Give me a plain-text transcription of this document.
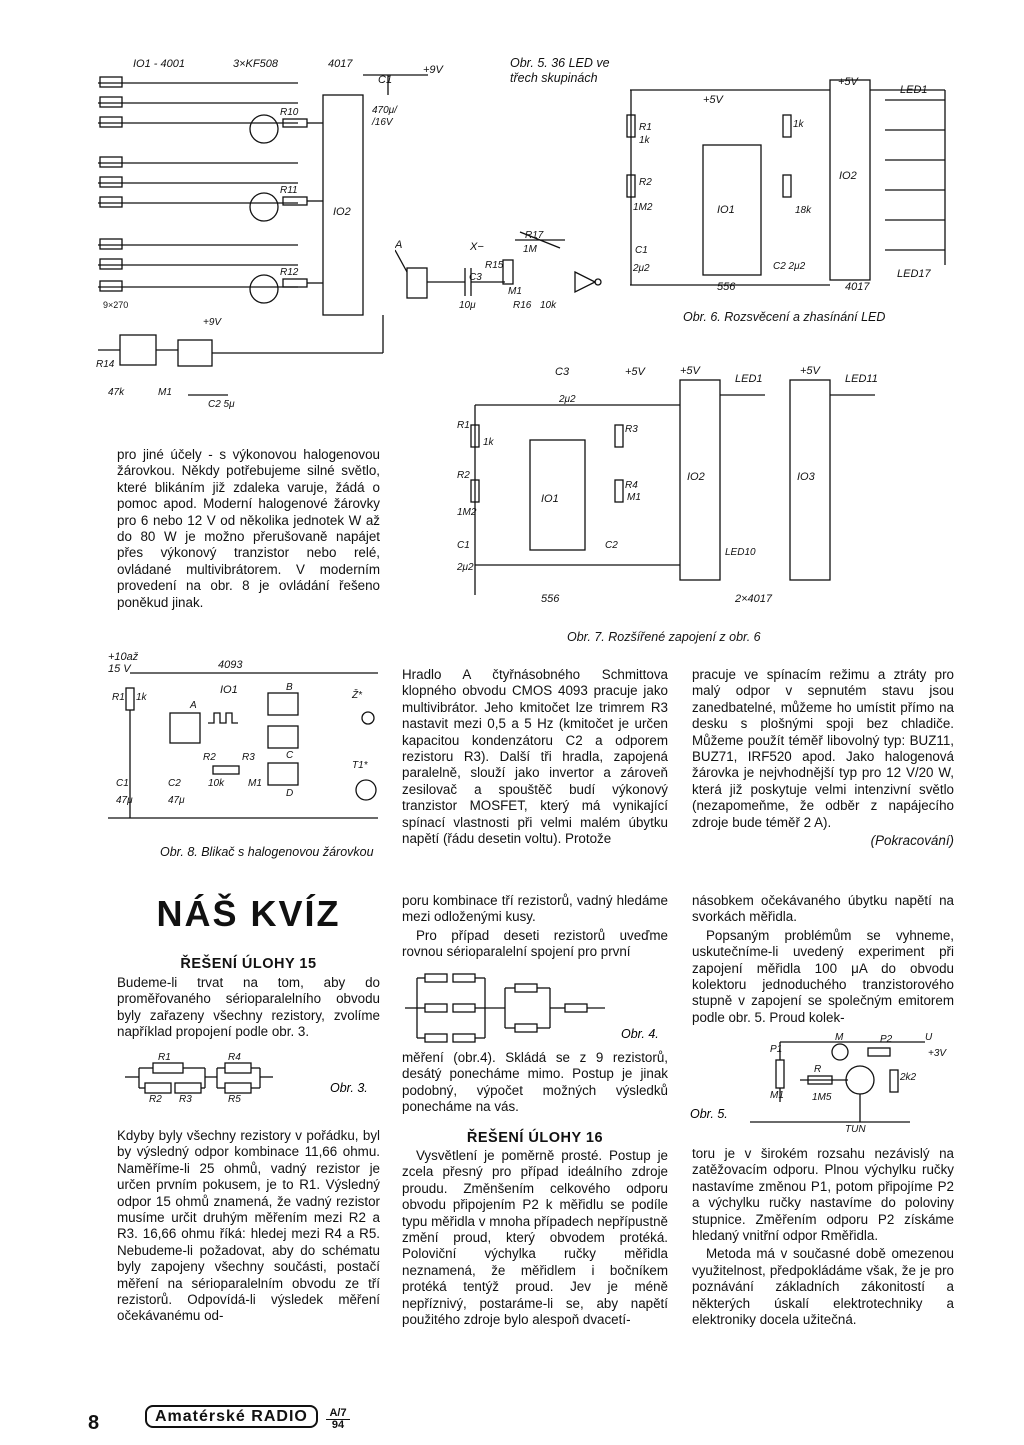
IO1 - 4001	3×KF508	4017
9×270
IO2
C1
+9V
470μ/
/16V
R10
R11
R12
R14
47k	M1
C2 5μ
+9V
Obr. 5. 36 LED ve
třech skupinách
A	X−
R15
R17
1M
10μ
M1
R16 10k
C3
+5V
+5V
R1
1k
R2
1M2
C1
2μ2
IO1
556
IO2
4017
18k
1k
LED1
LED17
C2 2μ2
Obr. 6. Rozsvěcení a zhasínání LED
C3	+5V
2μ2
R1
1k
R2
1M2
C1
2μ2
IO1
R3
R4
M1
C2
IO2	IO3
+5V	+5V
LED1	LED11
LED10
556	2×4017
Obr. 7. Rozšířené zapojení z obr. 6

pro jiné účely - s výkonovou halogenovou žárovkou. Někdy potřebujeme silné světlo, které blikáním již zdaleka varuje, žádá o pomoc apod. Moderní halogenové žárovky pro 6 nebo 12 V od několika jednotek W až do 80 W je možno přerušovaně napájet přes výkonový tranzistor nebo relé, ovládané multivibrátorem. V moderním provedení na obr. 8 je ovládání řešeno poněkud jinak.

+10až
15 V	4093
R1 1k
IO1
A
B
C
D
Ž*
T1*
C1	C2
47μ	47μ
R2
10k
R3
M1
Obr. 8. Blikač s halogenovou žárovkou

Hradlo A čtyřnásobného Schmittova klopného obvodu CMOS 4093 pracuje jako multivibrátor. Jeho kmitočet lze trimrem R3 nastavit mezi 0,5 a 5 Hz (kmitočet je určen kapacitou kondenzátoru C2 a odporem rezistoru R3). Další tři hradla, zapojená paralelně, slouží jako invertor a zároveň zesilovač a spouštěč budí výkonový tranzistor MOSFET, který má vynikající spínací vlastnosti při velmi malém úbytku napětí (řádu desetin voltu). Protože

pracuje ve spínacím režimu a ztráty pro malý odpor v sepnutém stavu jsou zanedbatelné, můžeme ho umístit přímo na desku s plošnými spoji bez chladiče. Můžeme použít téměř libovolný typ: BUZ11, BUZ71, IRF520 apod. Jako halogenová žárovka je nejvhodnější typ pro 12 V/20 W, která již poskytuje velmi intenzivní světlo (nezapomeňme, že odběr z napájecího zdroje bude téměř 2 A).

(Pokracování)

NÁŠ KVÍZ
ŘEŠENÍ ÚLOHY 15

Budeme-li trvat na tom, aby do proměřovaného sérioparalelního obvodu byly zařazeny všechny rezistory, zvolíme například propojení podle obr. 3.

R1	R4
R2 R3	R5
Obr. 3.

Kdyby byly všechny rezistory v pořádku, byl by výsledný odpor kombinace 11,66 ohmu. Naměříme-li 25 ohmů, vadný rezistor je určen prvním pokusem, je to R1. Výsledný odpor 15 ohmů znamená, že vadný rezistor musíme určit druhým měřením mezi R2 a R3. 16,66 ohmu říká: hledej mezi R4 a R5. Nebudeme-li požadovat, aby do schématu byly zapojeny všechny součásti, postačí měření na sérioparalelním obvodu ze tří rezistorů. Odpovídá-li výsledek měření očekávanému od-

poru kombinace tří rezistorů, vadný hledáme mezi odloženými kusy.

Pro případ deseti rezistorů uveďme rovnou sérioparalelní spojení pro první

Obr. 4.

měření (obr.4). Skládá se z 9 rezistorů, desátý ponecháme mimo. Postup je jinak podobný, výpočet možných výsledků ponecháme na vás.

ŘEŠENÍ ÚLOHY 16

Vysvětlení je poměrně prosté. Postup je zcela přesný pro případ ideálního zdroje proudu. Změnšením celkového odporu obvodu připojením P2 k měřidlu se podíle typu měřidla v mnoha případech nepřípustně změní proud, který obvodem protéká. Poloviční výchylka ručky měřidla neznamená, že měřidlem i bočníkem protéká tentýž proud. Jev je méně nepříznivý, postaráme-li se, aby napětí použitého zdroje bylo alespoň dvacetí-

násobkem očekávaného úbytku napětí na svorkách měřidla.

Popsaným problémům se vyhneme, uskutečníme-li uvedený experiment při zapojení měřidla 100 μA do obvodu kolektoru jednoduchého tranzistorového stupně v zapojení se společným emitorem podle obr. 5. Proud kolek-

P1
M	P2	U
+3V
R
1M5
2k2
M1
TUN
Obr. 5.

toru je v širokém rozsahu nezávislý na zatěžovacím odporu. Plnou výchylku ručky nastavíme změnou P1, potom připojíme P2 a výchylku ručky nastavíme do poloviny stupnice. Změřením odporu P2 získáme hledaný vnitřní odpor Rměřidla.

Metoda má v současné době omezenou využitelnost, předpokládáme však, že je pro poznávání základních zákonitostí a některých úskalí elektrotechniky a elektroniky docela užitečná.

8	Amatérské RADIO	A/7
94
